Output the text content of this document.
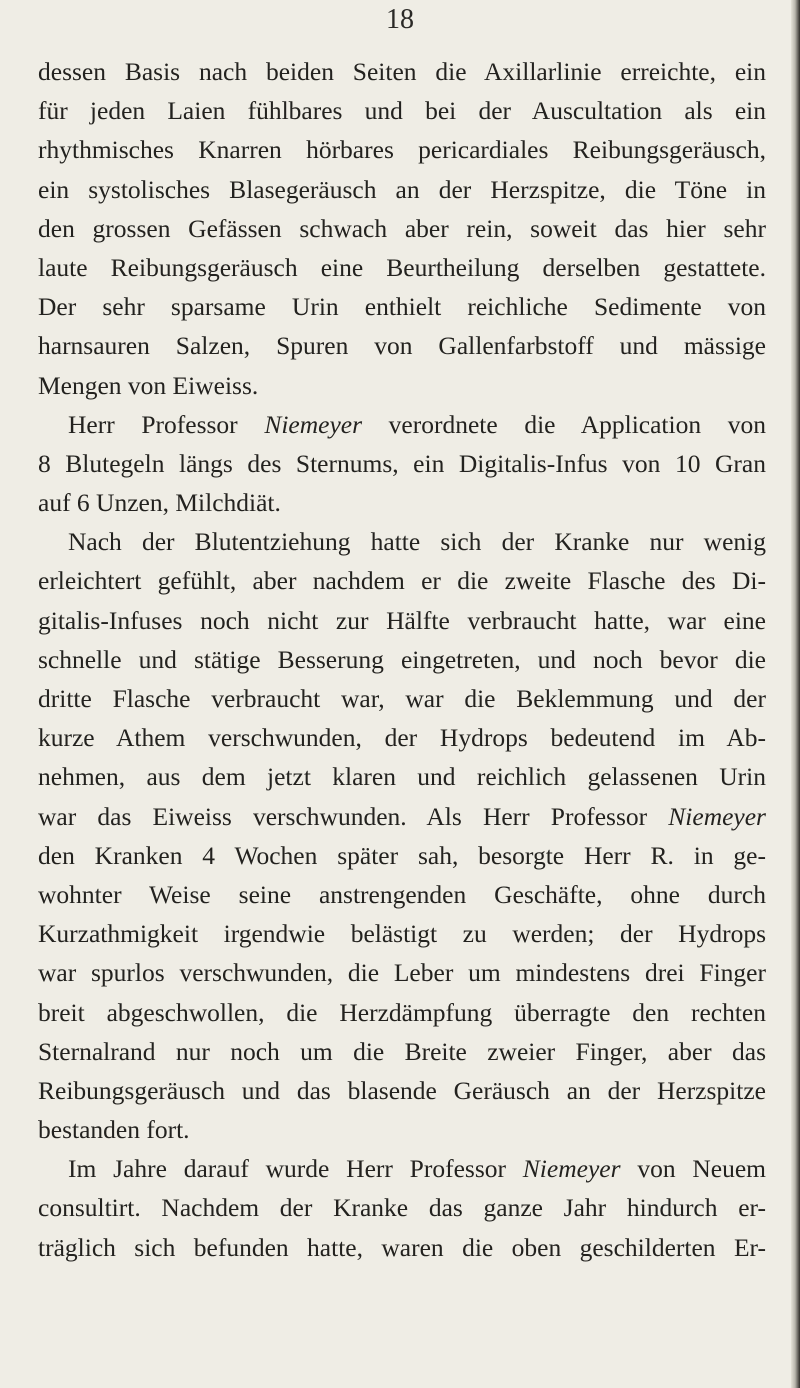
18
dessen Basis nach beiden Seiten die Axillarlinie erreichte, ein
für jeden Laien fühlbares und bei der Auscultation als ein
rhythmisches Knarren hörbares pericardiales Reibungsgeräusch,
ein systolisches Blasegeräusch an der Herzspitze, die Töne in
den grossen Gefässen schwach aber rein, soweit das hier sehr
laute Reibungsgeräusch eine Beurtheilung derselben gestattete.
Der sehr sparsame Urin enthielt reichliche Sedimente von
harnsauren Salzen, Spuren von Gallenfarbstoff und mässige
Mengen von Eiweiss.
Herr Professor Niemeyer verordnete die Application von
8 Blutegeln längs des Sternums, ein Digitalis-Infus von 10 Gran
auf 6 Unzen, Milchdiät.
Nach der Blutentziehung hatte sich der Kranke nur wenig
erleichtert gefühlt, aber nachdem er die zweite Flasche des Di-
gitalis-Infuses noch nicht zur Hälfte verbraucht hatte, war eine
schnelle und stätige Besserung eingetreten, und noch bevor die
dritte Flasche verbraucht war, war die Beklemmung und der
kurze Athem verschwunden, der Hydrops bedeutend im Ab-
nehmen, aus dem jetzt klaren und reichlich gelassenen Urin
war das Eiweiss verschwunden. Als Herr Professor Niemeyer
den Kranken 4 Wochen später sah, besorgte Herr R. in ge-
wohnter Weise seine anstrengenden Geschäfte, ohne durch
Kurzathmigkeit irgendwie belästigt zu werden; der Hydrops
war spurlos verschwunden, die Leber um mindestens drei Finger
breit abgeschwollen, die Herzdämpfung überragte den rechten
Sternalrand nur noch um die Breite zweier Finger, aber das
Reibungsgeräusch und das blasende Geräusch an der Herzspitze
bestanden fort.
Im Jahre darauf wurde Herr Professor Niemeyer von Neuem
consultirt. Nachdem der Kranke das ganze Jahr hindurch er-
träglich sich befunden hatte, waren die oben geschilderten Er-
